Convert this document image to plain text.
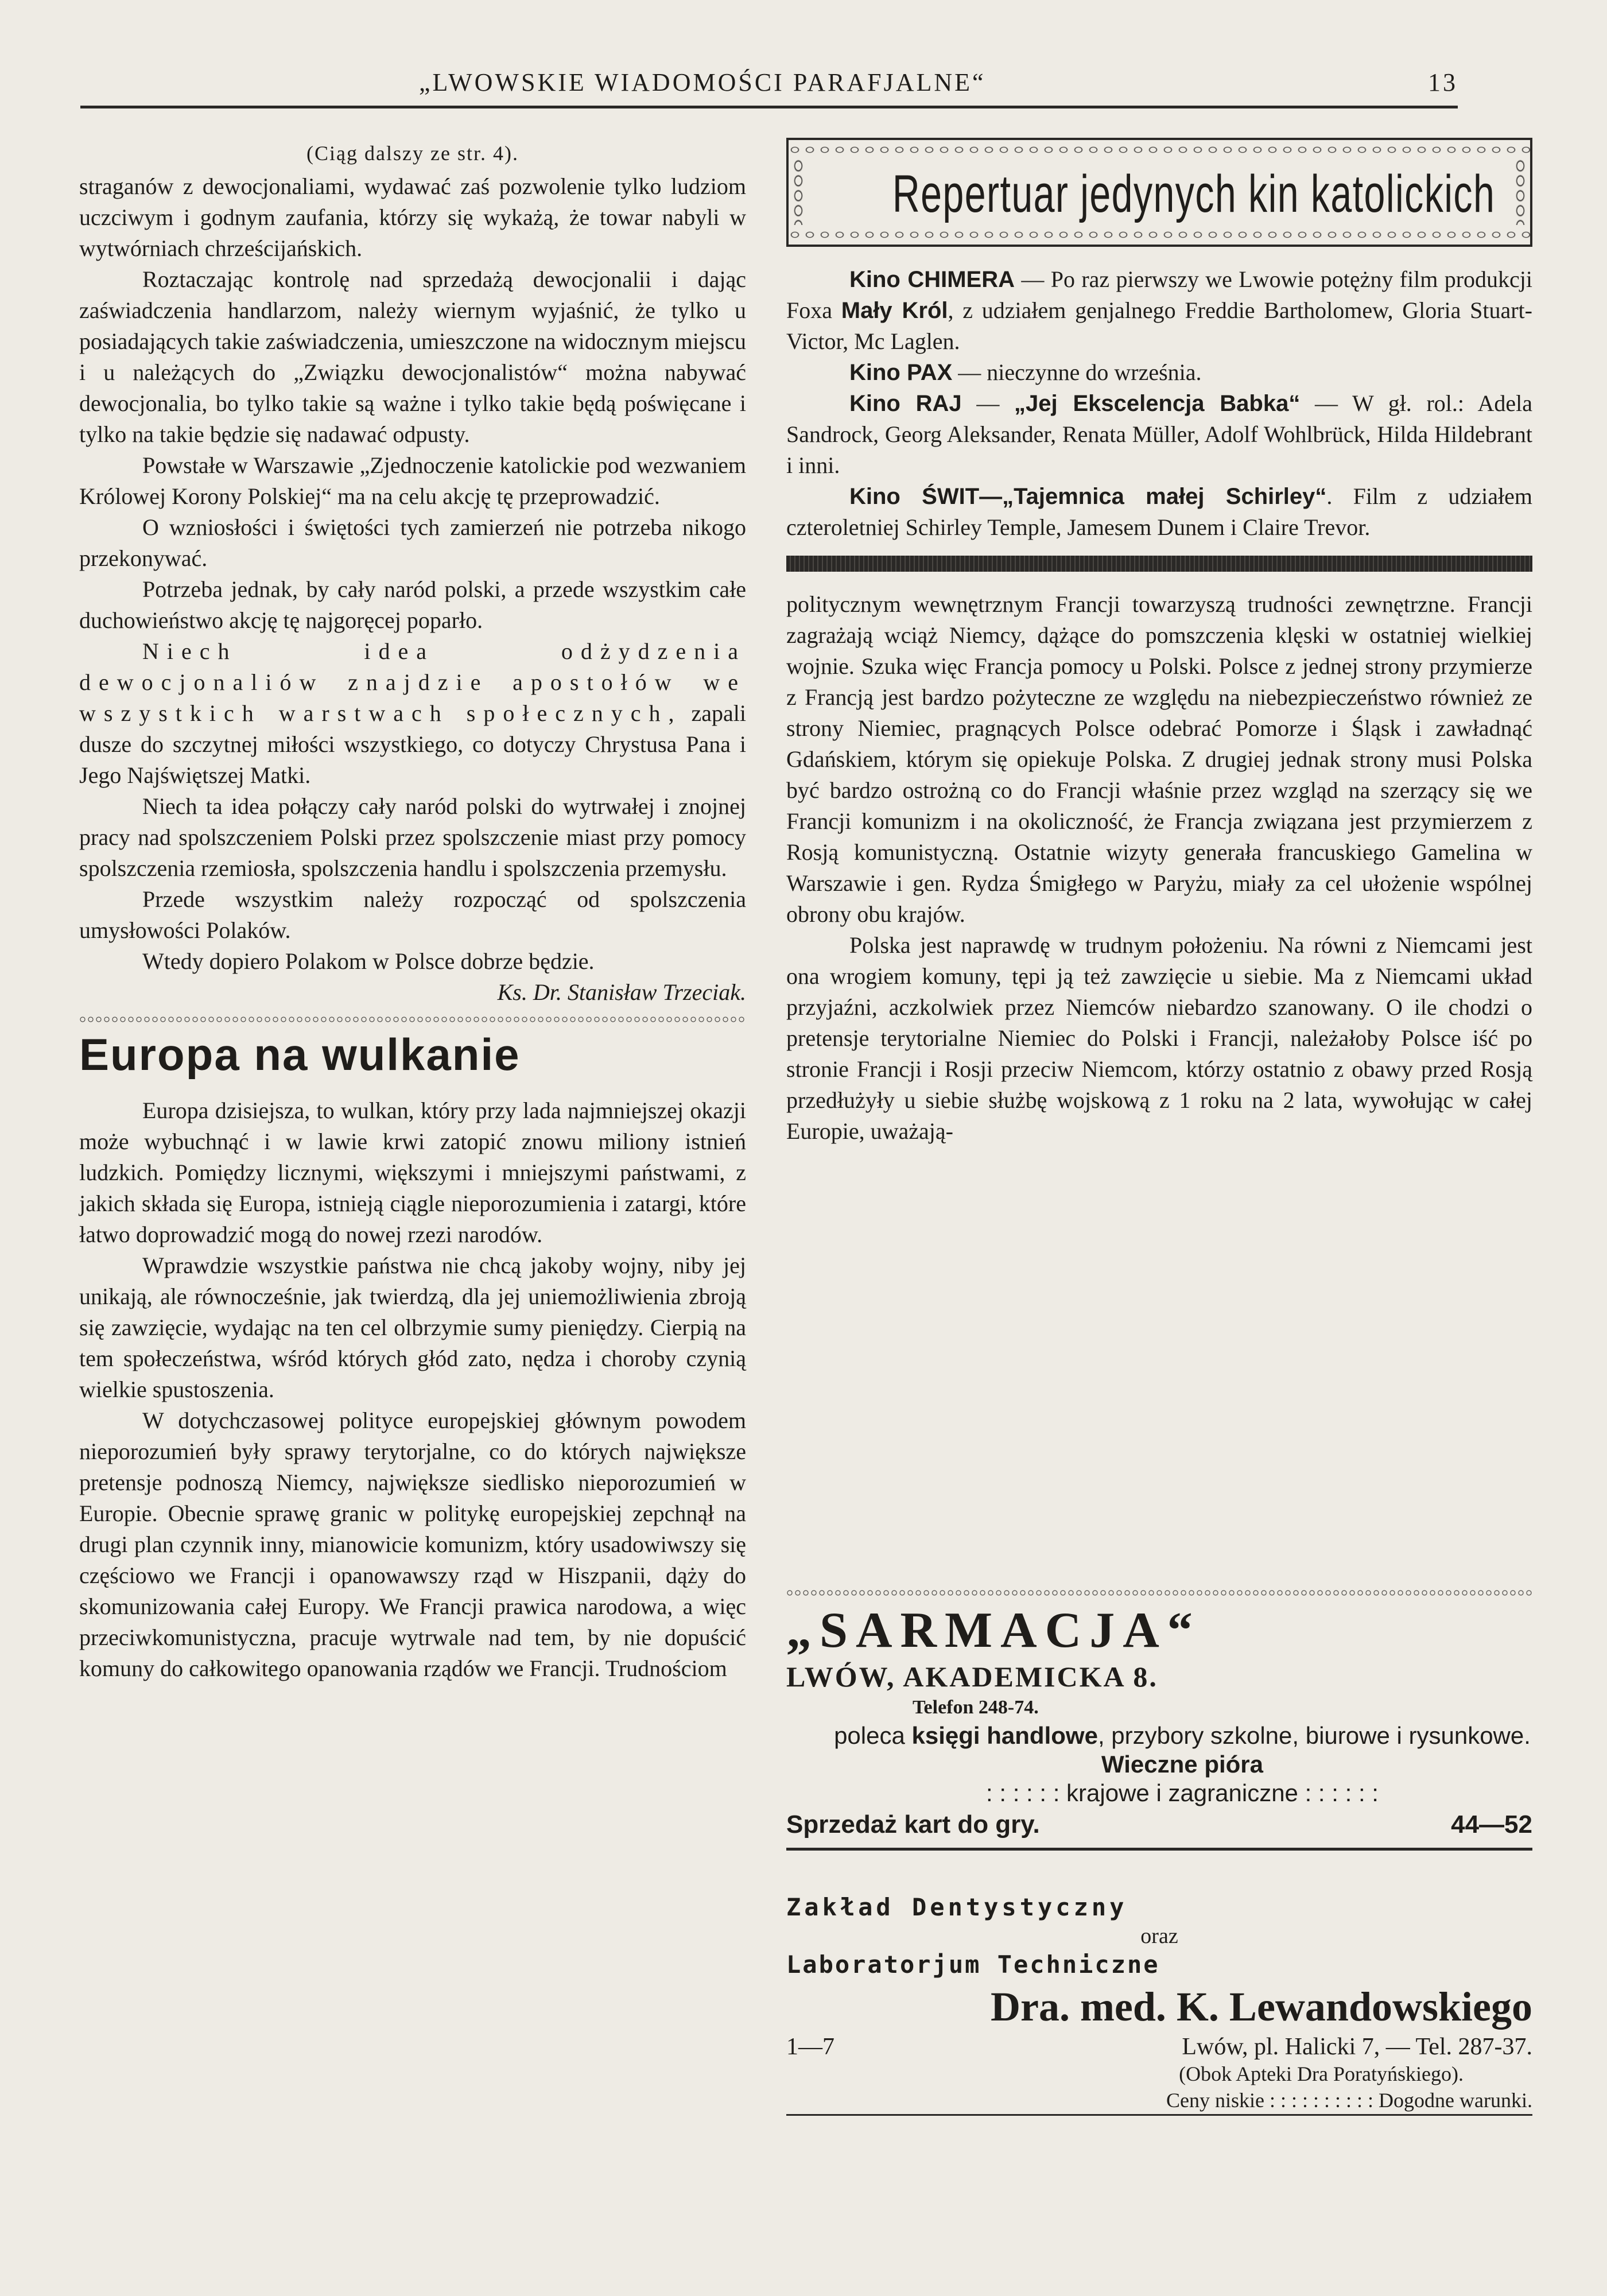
„LWOWSKIE WIADOMOŚCI PARAFJALNE“	13
(Ciąg dalszy ze str. 4).

straganów z dewocjonaliami, wydawać zaś pozwolenie tylko ludziom uczciwym i godnym zaufania, którzy się wykażą, że towar nabyli w wytwórniach chrześcijańskich.

Roztaczając kontrolę nad sprzedażą dewocjonalii i dając zaświadczenia handlarzom, należy wiernym wyjaśnić, że tylko u posiadających takie zaświadczenia, umieszczone na widocznym miejscu i u należących do „Związku dewocjonalistów“ można nabywać dewocjonalia, bo tylko takie są ważne i tylko takie będą poświęcane i tylko na takie będzie się nadawać odpusty.

Powstałe w Warszawie „Zjednoczenie katolickie pod wezwaniem Królowej Korony Polskiej“ ma na celu akcję tę przeprowadzić.

O wzniosłości i świętości tych zamierzeń nie potrzeba nikogo przekonywać.

Potrzeba jednak, by cały naród polski, a przede wszystkim całe duchowieństwo akcję tę najgoręcej poparło.

Niech idea odżydzenia dewocjonaliów znajdzie apostołów we wszystkich warstwach społecznych, zapali dusze do szczytnej miłości wszystkiego, co dotyczy Chrystusa Pana i Jego Najświętszej Matki.

Niech ta idea połączy cały naród polski do wytrwałej i znojnej pracy nad spolszczeniem Polski przez spolszczenie miast przy pomocy spolszczenia rzemiosła, spolszczenia handlu i spolszczenia przemysłu.

Przede wszystkim należy rozpocząć od spolszczenia umysłowości Polaków.

Wtedy dopiero Polakom w Polsce dobrze będzie.

Ks. Dr. Stanisław Trzeciak.

Europa na wulkanie

Europa dzisiejsza, to wulkan, który przy lada najmniejszej okazji może wybuchnąć i w lawie krwi zatopić znowu miliony istnień ludzkich. Pomiędzy licznymi, większymi i mniejszymi państwami, z jakich składa się Europa, istnieją ciągle nieporozumienia i zatargi, które łatwo doprowadzić mogą do nowej rzezi narodów.

Wprawdzie wszystkie państwa nie chcą jakoby wojny, niby jej unikają, ale równocześnie, jak twierdzą, dla jej uniemożliwienia zbroją się zawzięcie, wydając na ten cel olbrzymie sumy pieniędzy. Cierpią na tem społeczeństwa, wśród których głód zato, nędza i choroby czynią wielkie spustoszenia.

W dotychczasowej polityce europejskiej głównym powodem nieporozumień były sprawy terytorjalne, co do których największe pretensje podnoszą Niemcy, największe siedlisko nieporozumień w Europie. Obecnie sprawę granic w politykę europejskiej zepchnął na drugi plan czynnik inny, mianowicie komunizm, który usadowiwszy się częściowo we Francji i opanowawszy rząd w Hiszpanii, dąży do skomunizowania całej Europy. We Francji prawica narodowa, a więc przeciwkomunistyczna, pracuje wytrwale nad tem, by nie dopuścić komuny do całkowitego opanowania rządów we Francji. Trudnościom

Repertuar jedynych kin katolickich

Kino CHIMERA — Po raz pierwszy we Lwowie potężny film produkcji Foxa Mały Król, z udziałem genjalnego Freddie Bartholomew, Gloria Stuart-Victor, Mc Laglen.

Kino PAX — nieczynne do września.

Kino RAJ — „Jej Ekscelencja Babka“ — W gł. rol.: Adela Sandrock, Georg Aleksander, Renata Müller, Adolf Wohlbrück, Hilda Hildebrant i inni.

Kino ŚWIT—„Tajemnica małej Schirley“. Film z udziałem czteroletniej Schirley Temple, Jamesem Dunem i Claire Trevor.

politycznym wewnętrznym Francji towarzyszą trudności zewnętrzne. Francji zagrażają wciąż Niemcy, dążące do pomszczenia klęski w ostatniej wielkiej wojnie. Szuka więc Francja pomocy u Polski. Polsce z jednej strony przymierze z Francją jest bardzo pożyteczne ze względu na niebezpieczeństwo również ze strony Niemiec, pragnących Polsce odebrać Pomorze i Śląsk i zawładnąć Gdańskiem, którym się opiekuje Polska. Z drugiej jednak strony musi Polska być bardzo ostrożną co do Francji właśnie przez wzgląd na szerzący się we Francji komunizm i na okoliczność, że Francja związana jest przymierzem z Rosją komunistyczną. Ostatnie wizyty generała francuskiego Gamelina w Warszawie i gen. Rydza Śmigłego w Paryżu, miały za cel ułożenie wspólnej obrony obu krajów.

Polska jest naprawdę w trudnym położeniu. Na równi z Niemcami jest ona wrogiem komuny, tępi ją też zawzięcie u siebie. Ma z Niemcami układ przyjaźni, aczkolwiek przez Niemców niebardzo szanowany. O ile chodzi o pretensje terytorialne Niemiec do Polski i Francji, należałoby Polsce iść po stronie Francji i Rosji przeciw Niemcom, którzy ostatnio z obawy przed Rosją przedłużyły u siebie służbę wojskową z 1 roku na 2 lata, wywołując w całej Europie, uważają-

„SARMACJA“
LWÓW, AKADEMICKA 8.
Telefon 248-74.
poleca księgi handlowe, przybory szkolne, biurowe i rysunkowe. Wieczne pióra
: : : : : : krajowe i zagraniczne : : : : : :
Sprzedaż kart do gry.	44—52
Zakład Dentystyczny
oraz
Laboratorjum Techniczne
Dra. med. K. Lewandowskiego
1—7	Lwów, pl. Halicki 7, — Tel. 287-37.
(Obok Apteki Dra Poratyńskiego).
Ceny niskie : : : : : : : : : : Dogodne warunki.
